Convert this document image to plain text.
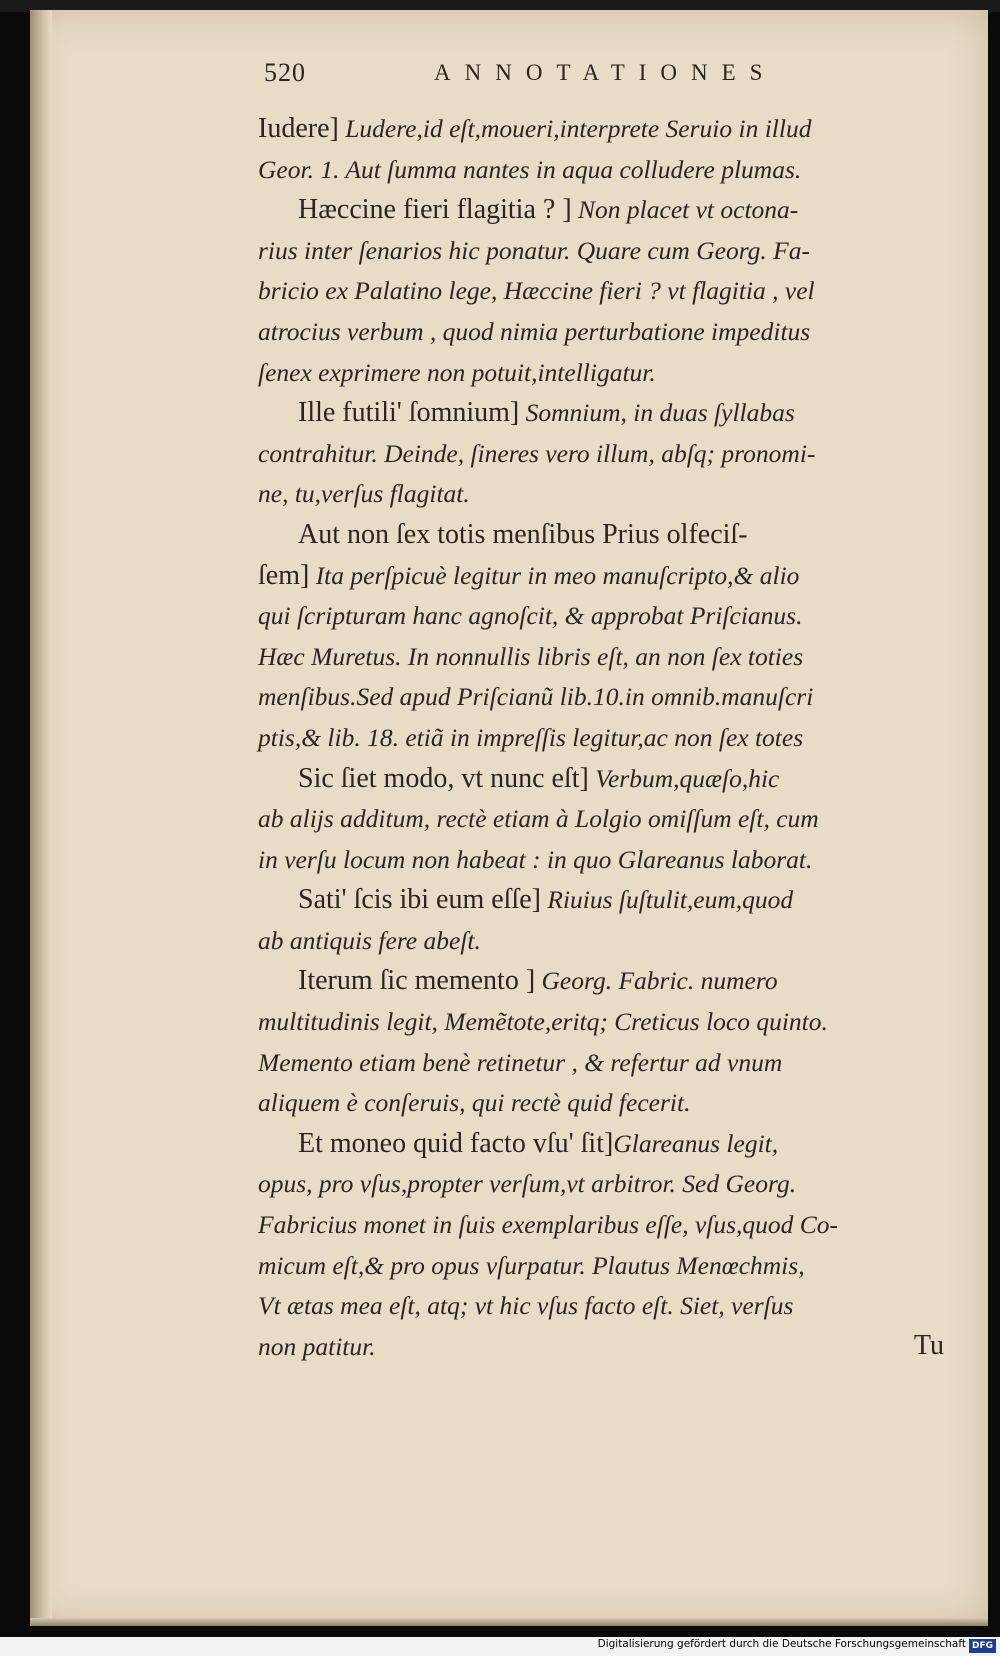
520	ANNOTATIONES
Iudere] Ludere,id eſt,moueri,interprete Seruio in illud
Geor. 1. Aut ſumma nantes in aqua colludere plumas.
Hæccine fieri flagitia ? ] Non placet vt octona-
rius inter ſenarios hic ponatur. Quare cum Georg. Fa-
bricio ex Palatino lege, Hæccine fieri ? vt flagitia , vel
atrocius verbum , quod nimia perturbatione impeditus
ſenex exprimere non potuit,intelligatur.
Ille futili' ſomnium] Somnium, in duas ſyllabas
contrahitur. Deinde, ſineres vero illum, abſq; pronomi-
ne, tu,verſus flagitat.
Aut non ſex totis menſibus Prius olfeciſ-
ſem] Ita perſpicuè legitur in meo manuſcripto,& alio
qui ſcripturam hanc agnoſcit, & approbat Priſcianus.
Hæc Muretus. In nonnullis libris eſt, an non ſex toties
menſibus.Sed apud Priſcianũ lib.10.in omnib.manuſcri
ptis,& lib. 18. etiã in impreſſis legitur,ac non ſex totes
Sic ſiet modo, vt nunc eſt] Verbum,quæſo,hic
ab alijs additum, rectè etiam à Lolgio omiſſum eſt, cum
in verſu locum non habeat : in quo Glareanus laborat.
Sati' ſcis ibi eum eſſe] Riuius ſuſtulit,eum,quod
ab antiquis fere abeſt.
Iterum ſic memento ] Georg. Fabric. numero
multitudinis legit, Memẽtote,eritq; Creticus loco quinto.
Memento etiam benè retinetur , & refertur ad vnum
aliquem è conſeruis, qui rectè quid fecerit.
Et moneo quid facto vſu' ſit]Glareanus legit,
opus, pro vſus,propter verſum,vt arbitror. Sed Georg.
Fabricius monet in ſuis exemplaribus eſſe, vſus,quod Co-
micum eſt,& pro opus vſurpatur. Plautus Menœchmis,
Vt ætas mea eſt, atq; vt hic vſus facto eſt. Siet, verſus
non patitur.	Tu
Digitalisierung gefördert durch die Deutsche Forschungsgemeinschaft DFG
